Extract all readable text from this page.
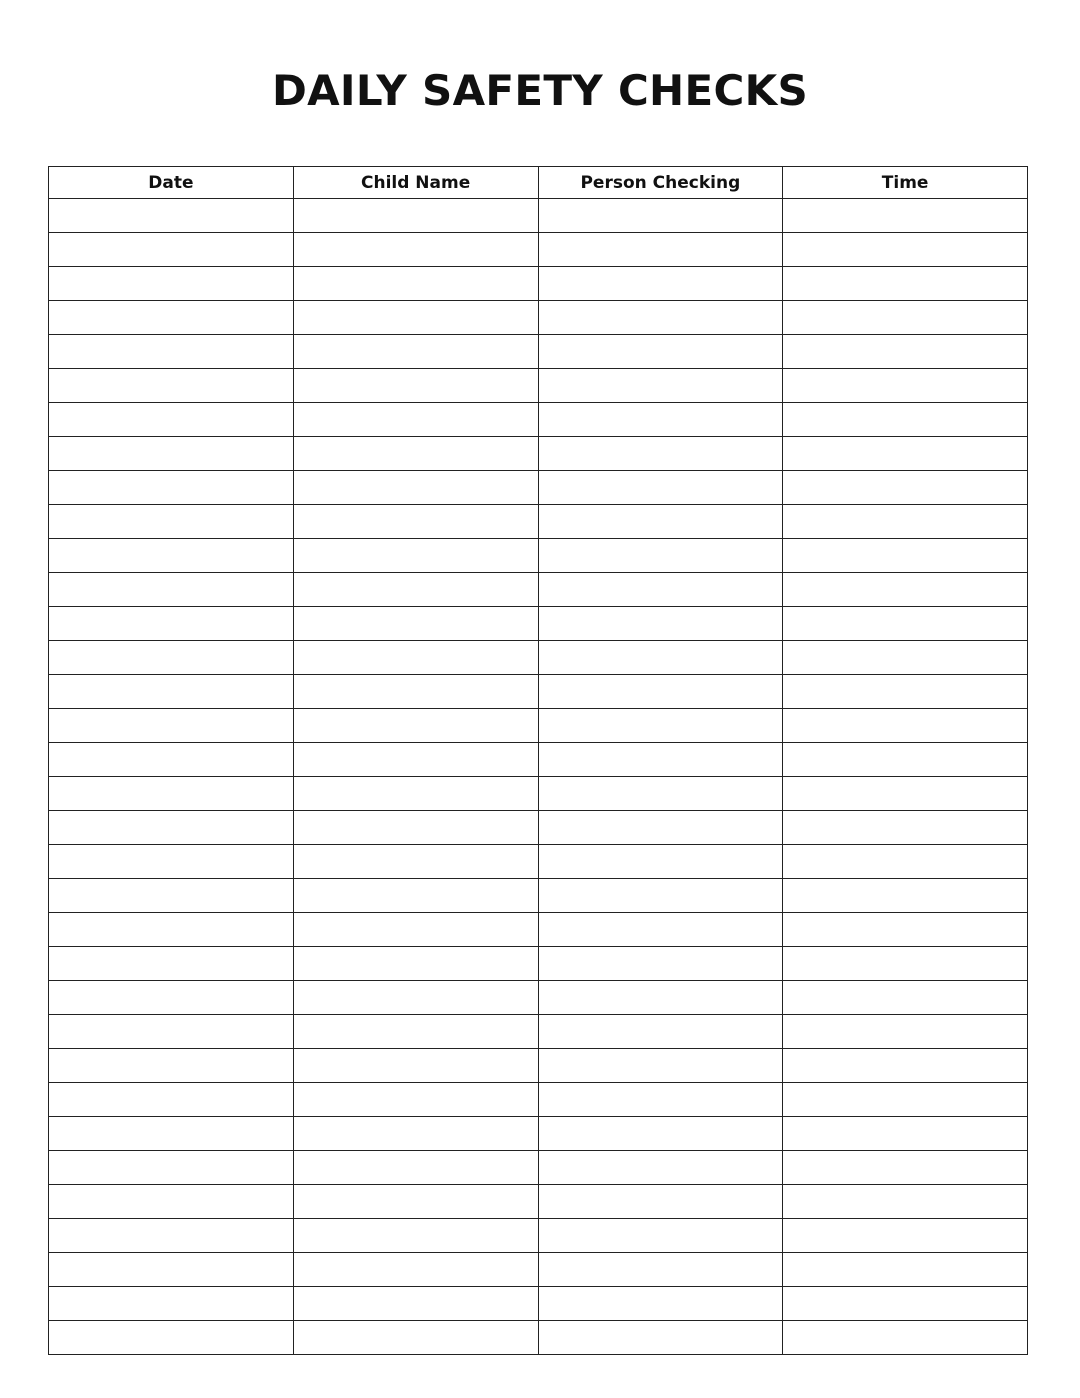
DAILY SAFETY CHECKS
Date	Child Name	Person Checking	Time
